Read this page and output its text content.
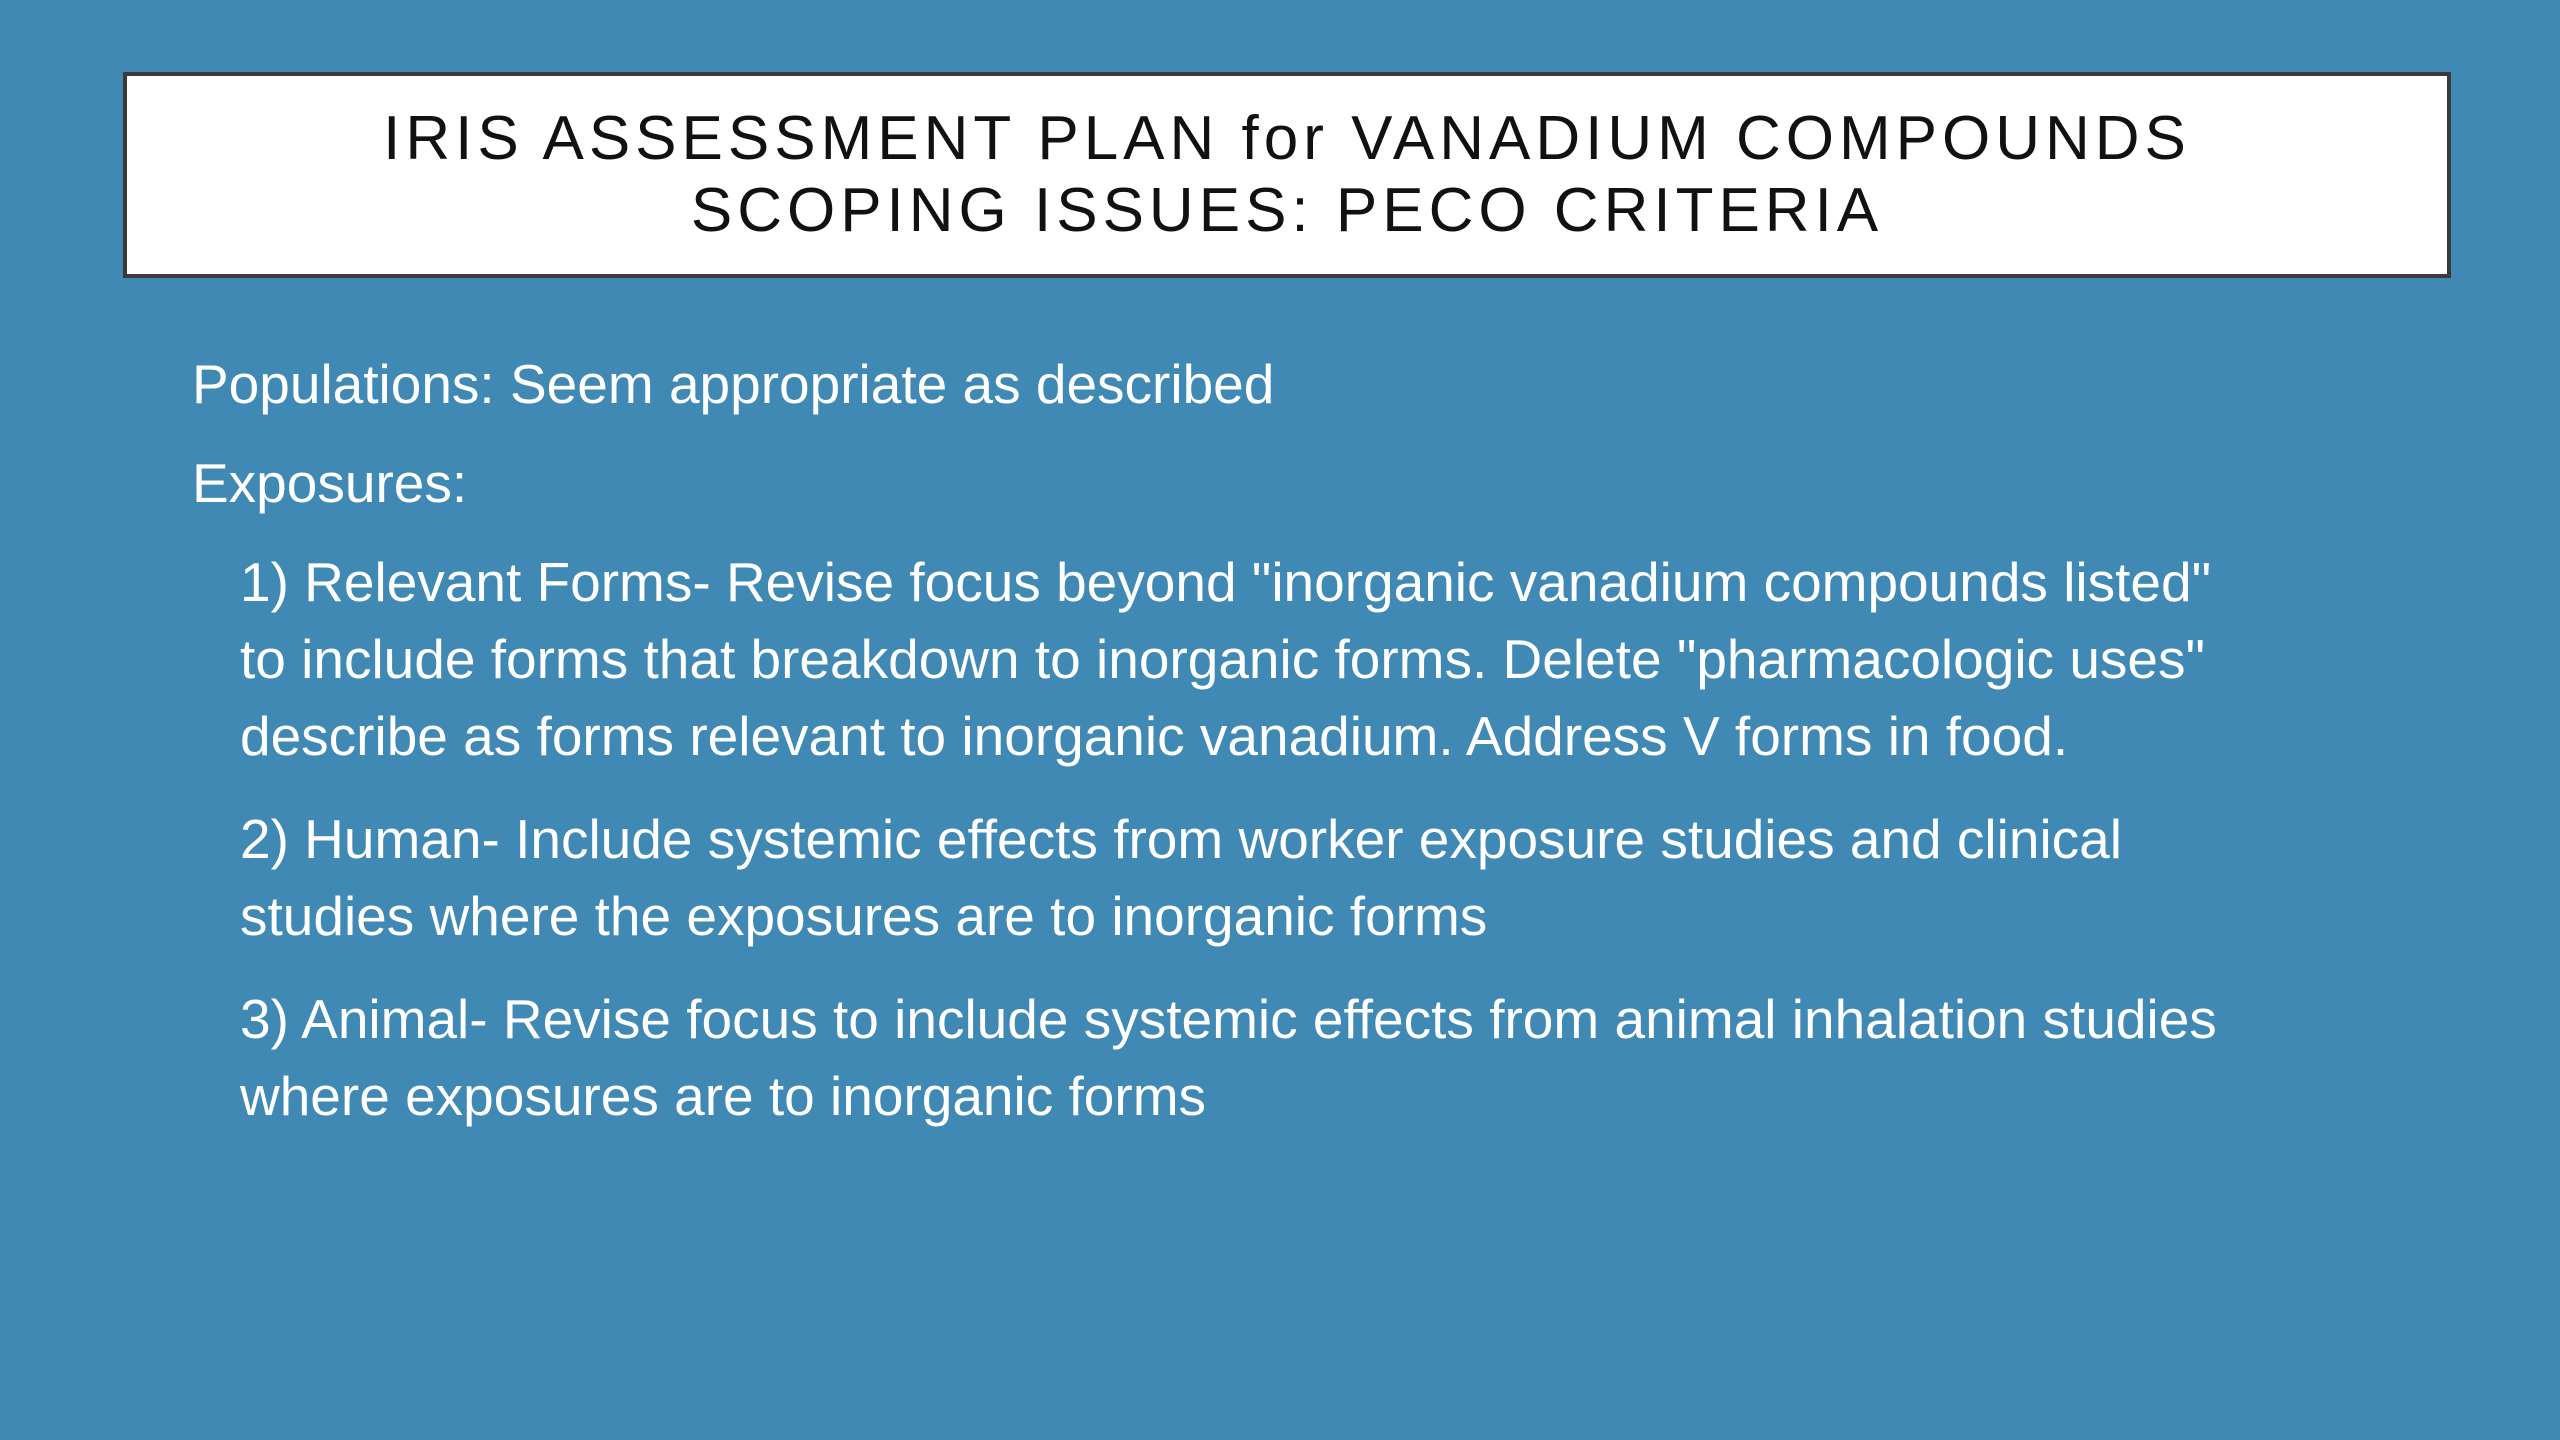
IRIS ASSESSMENT PLAN for VANADIUM COMPOUNDS
SCOPING ISSUES: PECO CRITERIA

Populations: Seem appropriate as described

Exposures:

1) Relevant Forms- Revise focus beyond "inorganic vanadium compounds listed"
to include forms that breakdown to inorganic forms. Delete "pharmacologic uses"
describe as forms relevant to inorganic vanadium. Address V forms in food.
2) Human- Include systemic effects from worker exposure studies and clinical
studies where the exposures are to inorganic forms
3) Animal- Revise focus to include systemic effects from animal inhalation studies
where exposures are to inorganic forms
